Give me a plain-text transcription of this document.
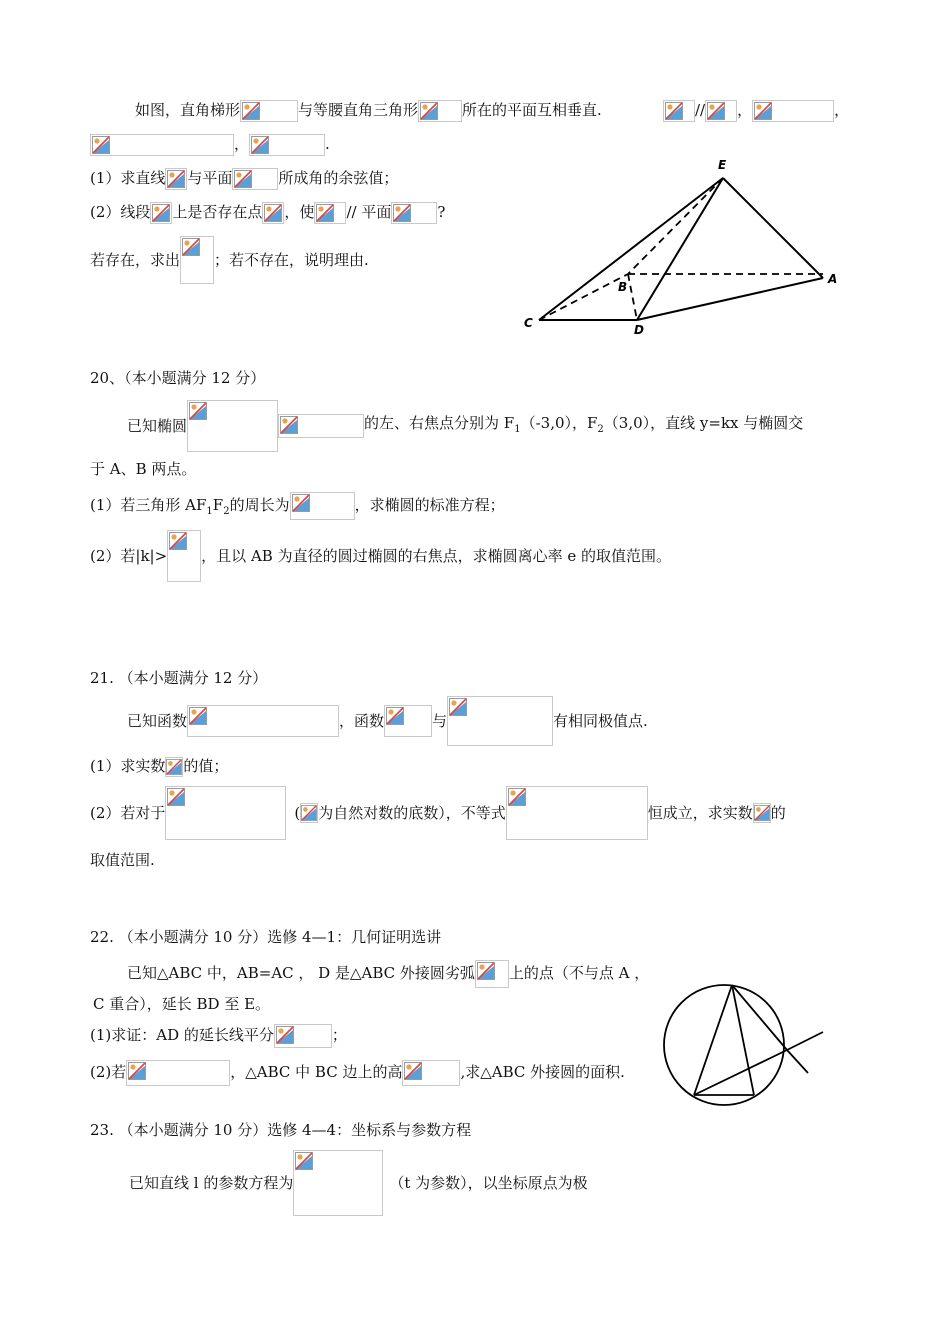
如图，直角梯形	与等腰直角三角形	所在的平面互相垂直.	// ，	，
，	.
(1）求直线 与平面	所成角的余弦值；
(2）线段 上是否存在点 ，使 // 平面	?
若存在，求出 ；若不存在，说明理由.
E
B
A
C	D
20、（本小题满分 12 分）
已知椭圆	的左、右焦点分别为 $F_1(-3,0)$，$F_2(3,0)$，直线 y=kx 与椭圆交
于 A、B 两点。
(1）若三角形 $AF_1F_2$的周长为	，求椭圆的标准方程；
(2）若|k|> ，且以 AB 为直径的圆过椭圆的右焦点，求椭圆离心率 e 的取值范围。
21. （本小题满分 12 分）
已知函数	，函数	与	有相同极值点.
(1）求实数 的值；
(2）若对于	( 为自然对数的底数），不等式	恒成立，求实数 的
取值范围.
22. （本小题满分 10 分）选修 4—1：几何证明选讲
已知△ABC 中，AB=AC ， D 是△ABC 外接圆劣弧 上的点（不与点 A ，
C 重合），延长 BD 至 E。
(1)求证：AD 的延长线平分	；
(2)若	，△ABC 中 BC 边上的高	,求△ABC 外接圆的面积.
23. （本小题满分 10 分）选修 4—4：坐标系与参数方程
已知直线 l 的参数方程为	（t 为参数），以坐标原点为极
